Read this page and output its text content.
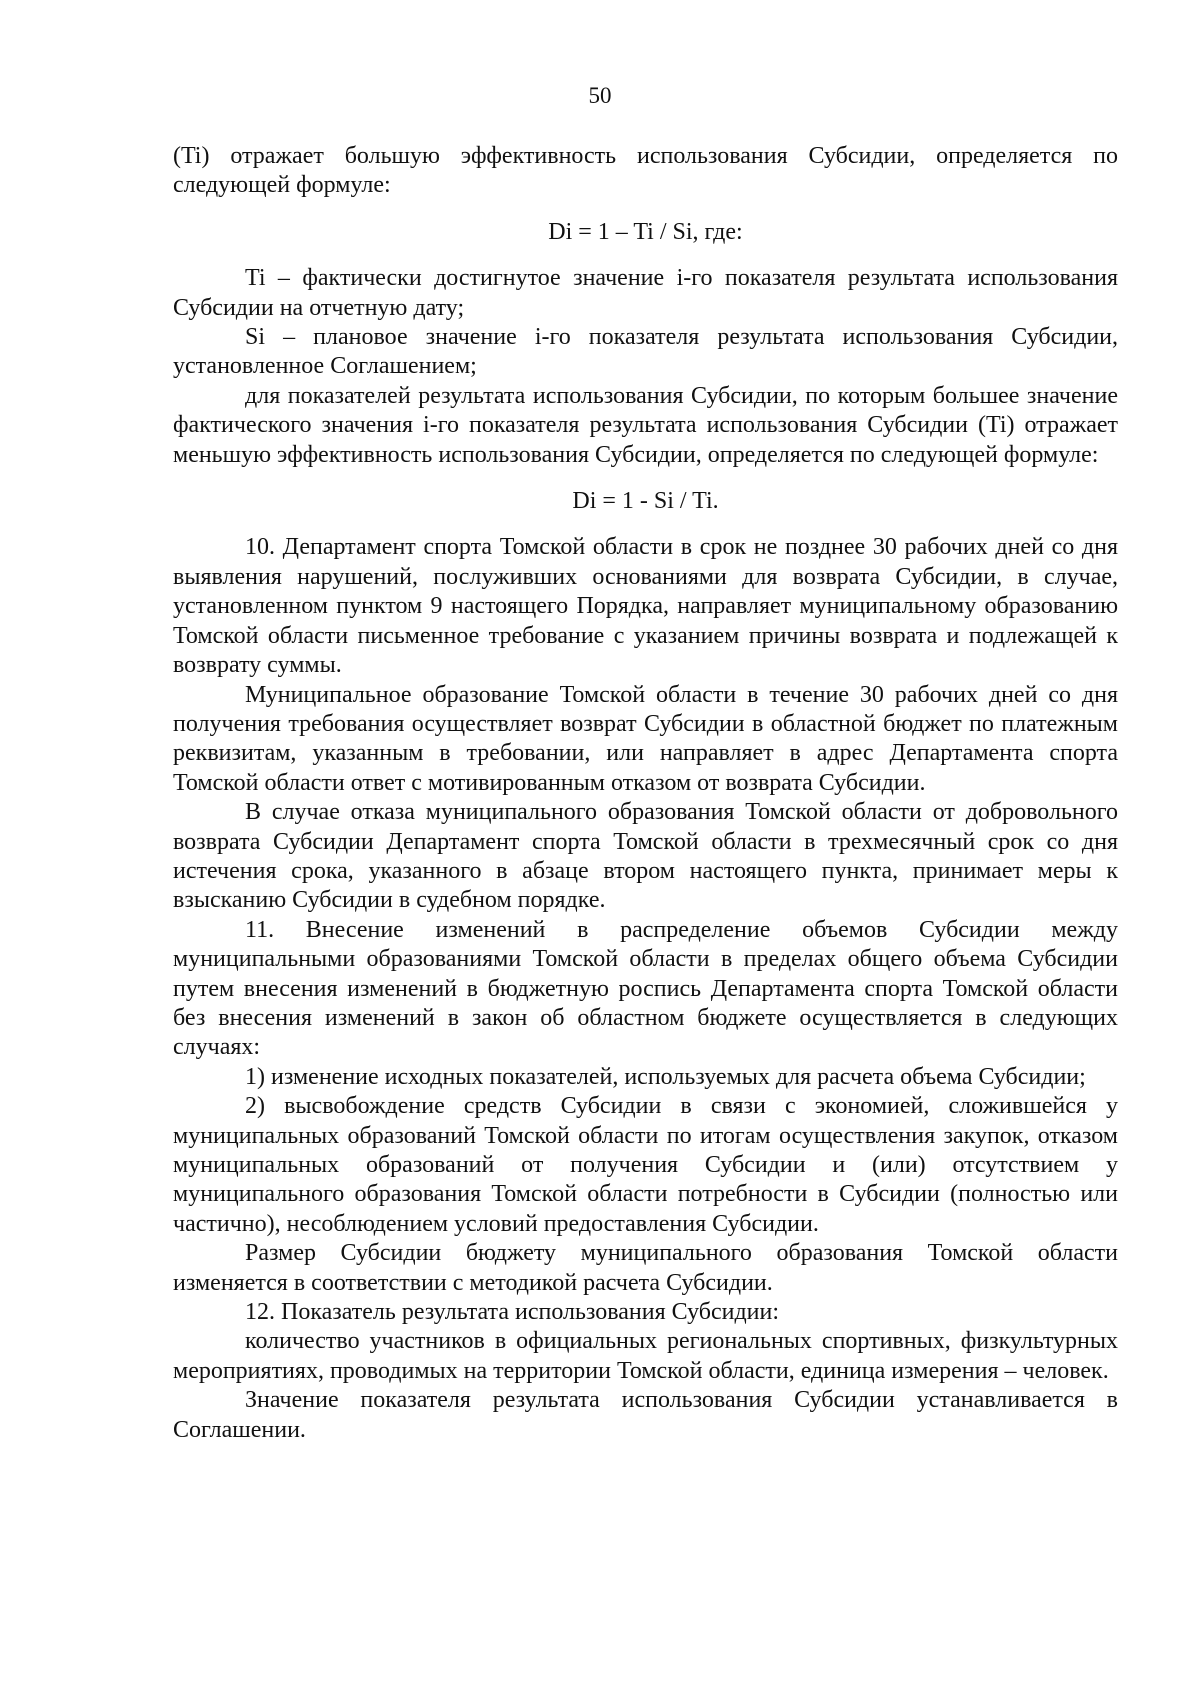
50

(Ti) отражает большую эффективность использования Субсидии, определяется по следующей формуле:

Di = 1 – Ti / Si, где:

Ti – фактически достигнутое значение i-го показателя результата использования Субсидии на отчетную дату;

Si – плановое значение i-го показателя результата использования Субсидии, установленное Соглашением;

для показателей результата использования Субсидии, по которым большее значение фактического значения i-го показателя результата использования Субсидии (Ti) отражает меньшую эффективность использования Субсидии, определяется по следующей формуле:

Di = 1 - Si / Ti.

10. Департамент спорта Томской области в срок не позднее 30 рабочих дней со дня выявления нарушений, послуживших основаниями для возврата Субсидии, в случае, установленном пунктом 9 настоящего Порядка, направляет муниципальному образованию Томской области письменное требование с указанием причины возврата и подлежащей к возврату суммы.

Муниципальное образование Томской области в течение 30 рабочих дней со дня получения требования осуществляет возврат Субсидии в областной бюджет по платежным реквизитам, указанным в требовании, или направляет в адрес Департамента спорта Томской области ответ с мотивированным отказом от возврата Субсидии.

В случае отказа муниципального образования Томской области от добровольного возврата Субсидии Департамент спорта Томской области в трехмесячный срок со дня истечения срока, указанного в абзаце втором настоящего пункта, принимает меры к взысканию Субсидии в судебном порядке.

11. Внесение изменений в распределение объемов Субсидии между муниципальными образованиями Томской области в пределах общего объема Субсидии путем внесения изменений в бюджетную роспись Департамента спорта Томской области без внесения изменений в закон об областном бюджете осуществляется в следующих случаях:

1) изменение исходных показателей, используемых для расчета объема Субсидии;

2) высвобождение средств Субсидии в связи с экономией, сложившейся у муниципальных образований Томской области по итогам осуществления закупок, отказом муниципальных образований от получения Субсидии и (или) отсутствием у муниципального образования Томской области потребности в Субсидии (полностью или частично), несоблюдением условий предоставления Субсидии.

Размер Субсидии бюджету муниципального образования Томской области изменяется в соответствии с методикой расчета Субсидии.

12. Показатель результата использования Субсидии:

количество участников в официальных региональных спортивных, физкультурных мероприятиях, проводимых на территории Томской области, единица измерения – человек.

Значение показателя результата использования Субсидии устанавливается в Соглашении.
